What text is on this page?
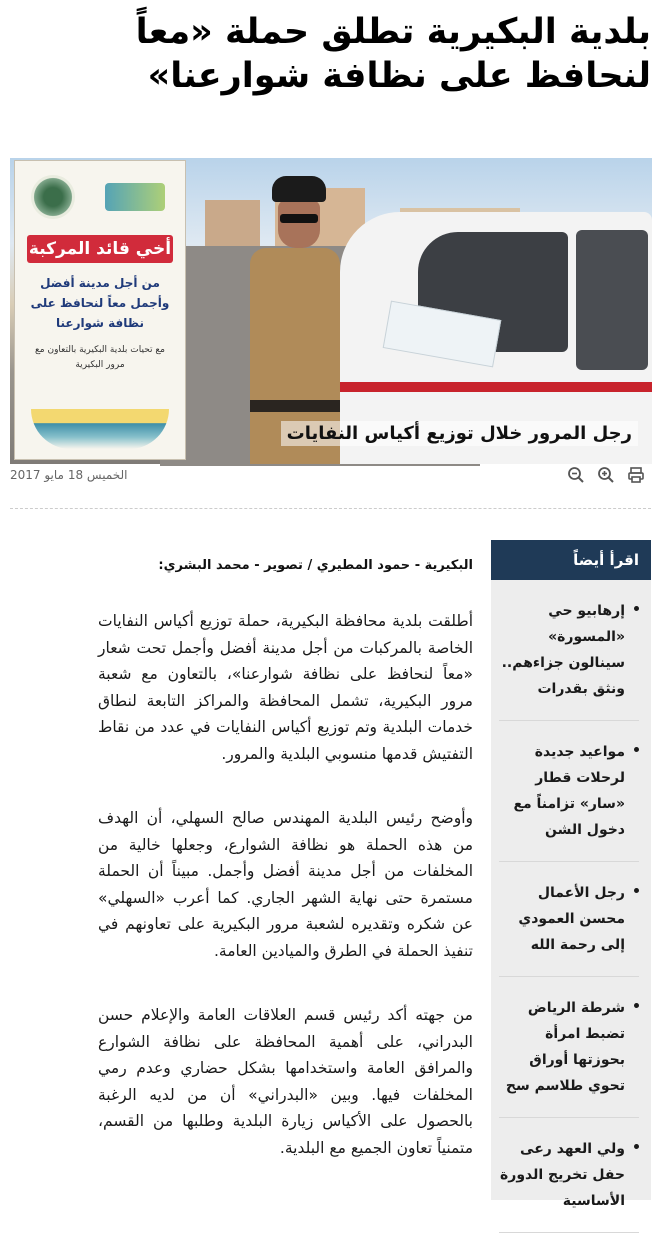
بلدية البكيرية تطلق حملة «معاً لنحافظ على نظافة شوارعنا»
أخي قائد المركبة
من أجل مدينة أفضل وأجمل معاً لنحافظ على نظافة شوارعنا
مع تحيات بلدية البكيرية بالتعاون مع مرور البكيرية
رجل المرور خلال توزيع أكياس النفايات
الخميس 18 مايو 2017
البكيرية - حمود المطيري / تصوير - محمد البشري:

أطلقت بلدية محافظة البكيرية، حملة توزيع أكياس النفايات الخاصة بالمركبات من أجل مدينة أفضل وأجمل تحت شعار «معاً لنحافظ على نظافة شوارعنا»، بالتعاون مع شعبة مرور البكيرية، تشمل المحافظة والمراكز التابعة لنطاق خدمات البلدية وتم توزيع أكياس النفايات في عدد من نقاط التفتيش قدمها منسوبي البلدية والمرور.

وأوضح رئيس البلدية المهندس صالح السهلي، أن الهدف من هذه الحملة هو نظافة الشوارع، وجعلها خالية من المخلفات من أجل مدينة أفضل وأجمل. مبيناً أن الحملة مستمرة حتى نهاية الشهر الجاري. كما أعرب «السهلي» عن شكره وتقديره لشعبة مرور البكيرية على تعاونهم في تنفيذ الحملة في الطرق والميادين العامة.

من جهته أكد رئيس قسم العلاقات العامة والإعلام حسن البدراني، على أهمية المحافظة على نظافة الشوارع والمرافق العامة واستخدامها بشكل حضاري وعدم رمي المخلفات فيها. وبين «البدراني» أن من لديه الرغبة بالحصول على الأكياس زيارة البلدية وطلبها من القسم، متمنياً تعاون الجميع مع البلدية.

اقرأ أيضاً
إرهابيو حي «المسورة» سينالون جزاءهم.. ونثق بقدرات
مواعيد جديدة لرحلات قطار «سار» تزامناً مع دخول الشن
رجل الأعمال محسن العمودي إلى رحمة الله
شرطة الرياض تضبط امرأة بحوزتها أوراق تحوي طلاسم سح
ولي العهد رعى حفل تخريج الدورة الأساسية
